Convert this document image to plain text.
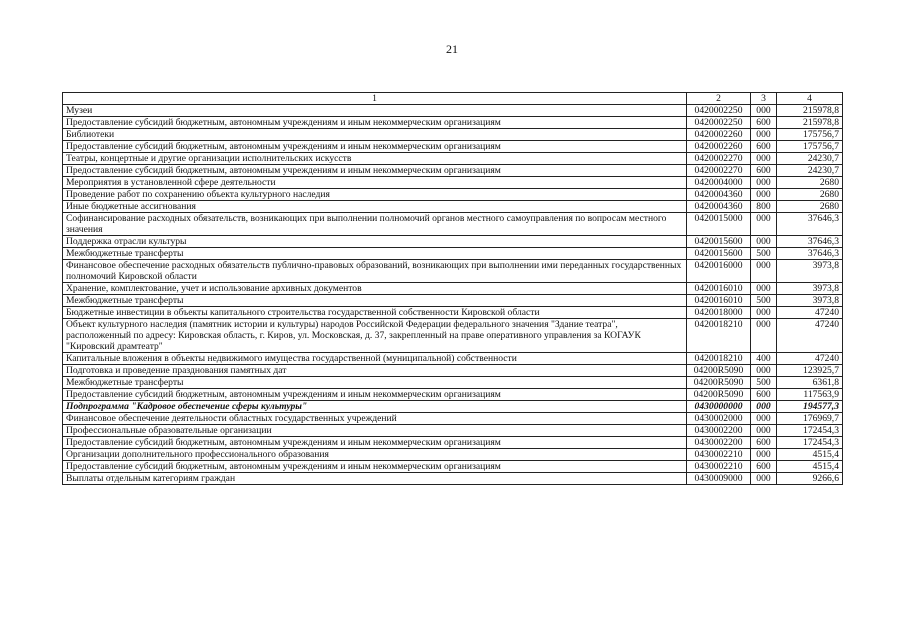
21
1	2	3	4
Музеи	0420002250	000	215978,8
Предоставление субсидий бюджетным, автономным учреждениям и иным некоммерческим организациям	0420002250	600	215978,8
Библиотеки	0420002260	000	175756,7
Предоставление субсидий бюджетным, автономным учреждениям и иным некоммерческим организациям	0420002260	600	175756,7
Театры, концертные и другие организации исполнительских искусств	0420002270	000	24230,7
Предоставление субсидий бюджетным, автономным учреждениям и иным некоммерческим организациям	0420002270	600	24230,7
Мероприятия в установленной сфере деятельности	0420004000	000	2680
Проведение работ по сохранению объекта культурного наследия	0420004360	000	2680
Иные бюджетные ассигнования	0420004360	800	2680
Софинансирование расходных обязательств, возникающих при выполнении полномочий органов местного самоуправления по вопросам местного значения	0420015000	000	37646,3
Поддержка отрасли культуры	0420015600	000	37646,3
Межбюджетные трансферты	0420015600	500	37646,3
Финансовое обеспечение расходных обязательств публично-правовых образований, возникающих при выполнении ими переданных государственных полномочий Кировской области	0420016000	000	3973,8
Хранение, комплектование, учет и использование архивных документов	0420016010	000	3973,8
Межбюджетные трансферты	0420016010	500	3973,8
Бюджетные инвестиции в объекты капитального строительства государственной собственности Кировской области	0420018000	000	47240
Объект культурного наследия (памятник истории и культуры) народов Российской Федерации федерального значения "Здание театра", расположенный по адресу: Кировская область, г. Киров, ул. Московская, д. 37, закрепленный на праве оперативного управления за КОГАУК "Кировский драмтеатр"	0420018210	000	47240
Капитальные вложения в объекты недвижимого имущества государственной (муниципальной) собственности	0420018210	400	47240
Подготовка и проведение празднования памятных дат	04200R5090	000	123925,7
Межбюджетные трансферты	04200R5090	500	6361,8
Предоставление субсидий бюджетным, автономным учреждениям и иным некоммерческим организациям	04200R5090	600	117563,9
Подпрограмма "Кадровое обеспечение сферы культуры"	0430000000	000	194577,3
Финансовое обеспечение деятельности областных государственных учреждений	0430002000	000	176969,7
Профессиональные образовательные организации	0430002200	000	172454,3
Предоставление субсидий бюджетным, автономным учреждениям и иным некоммерческим организациям	0430002200	600	172454,3
Организации дополнительного профессионального образования	0430002210	000	4515,4
Предоставление субсидий бюджетным, автономным учреждениям и иным некоммерческим организациям	0430002210	600	4515,4
Выплаты отдельным категориям граждан	0430009000	000	9266,6
